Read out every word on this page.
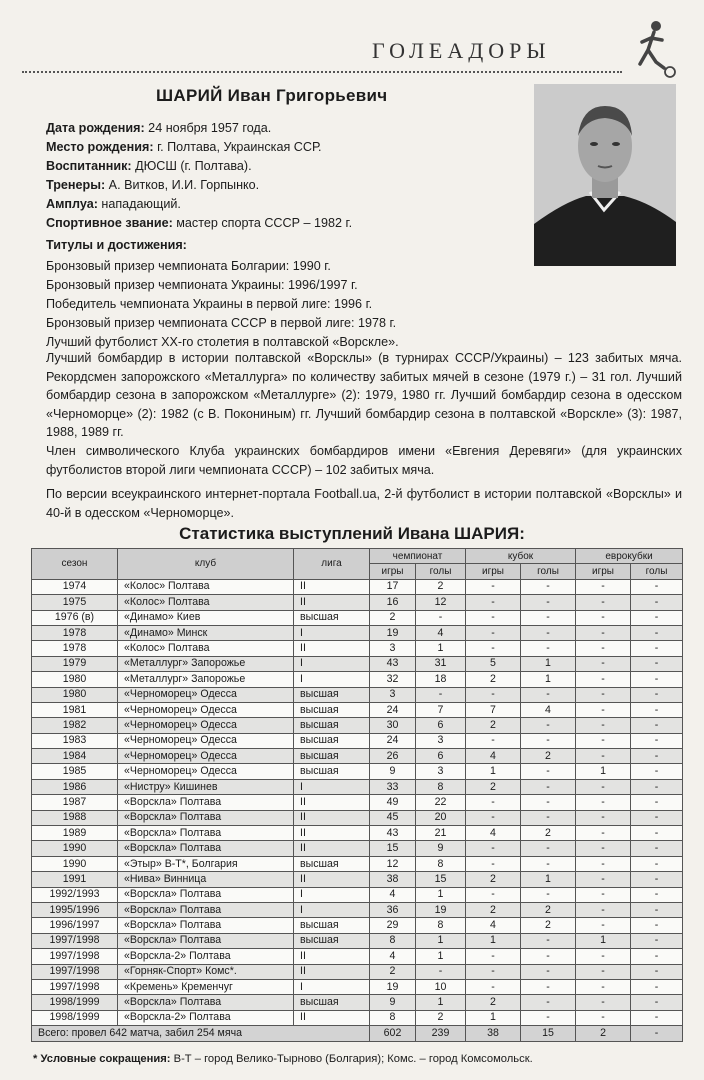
ГОЛЕАДОРЫ
ШАРИЙ Иван Григорьевич
Дата рождения: 24 ноября 1957 года.
Место рождения: г. Полтава, Украинская ССР.
Воспитанник: ДЮСШ (г. Полтава).
Тренеры: А. Витков, И.И. Горпынко.
Амплуа: нападающий.
Спортивное звание: мастер спорта СССР – 1982 г.
Титулы и достижения:
Бронзовый призер чемпионата Болгарии: 1990 г.
Бронзовый призер чемпионата Украины: 1996/1997 г.
Победитель чемпионата Украины в первой лиге: 1996 г.
Бронзовый призер чемпионата СССР в первой лиге: 1978 г.
Лучший футболист ХХ-го столетия в полтавской «Ворскле».
Лучший бомбардир в истории полтавской «Ворсклы» (в турнирах СССР/Украины) – 123 забитых мяча. Рекордсмен запорожского «Металлурга» по количеству забитых мячей в сезоне (1979 г.) – 31 гол. Лучший бомбардир сезона в запорожском «Металлурге» (2): 1979, 1980 гг. Лучший бомбардир сезона в одесском «Черноморце» (2): 1982 (с В. Покониным) гг. Лучший бомбардир сезона в полтавской «Ворскле» (3): 1987, 1988, 1989 гг.
Член символического Клуба украинских бомбардиров имени «Евгения Деревяги» (для украинских футболистов второй лиги чемпионата СССР) – 102 забитых мяча.
По версии всеукраинского интернет-портала Football.ua, 2-й футболист в истории полтавской «Ворсклы» и 40-й в одесском «Черноморце».
Статистика выступлений Ивана ШАРИЯ:
сезон	клуб	лига	чемпионат		кубок		еврокубки	
			игры	голы	игры	голы	игры	голы
1974	«Колос» Полтава	II	17	2	-	-	-	-
1975	«Колос» Полтава	II	16	12	-	-	-	-
1976 (в)	«Динамо» Киев	высшая	2	-	-	-	-	-
1978	«Динамо» Минск	I	19	4	-	-	-	-
1978	«Колос» Полтава	II	3	1	-	-	-	-
1979	«Металлург» Запорожье	I	43	31	5	1	-	-
1980	«Металлург» Запорожье	I	32	18	2	1	-	-
1980	«Черноморец» Одесса	высшая	3	-	-	-	-	-
1981	«Черноморец» Одесса	высшая	24	7	7	4	-	-
1982	«Черноморец» Одесса	высшая	30	6	2	-	-	-
1983	«Черноморец» Одесса	высшая	24	3	-	-	-	-
1984	«Черноморец» Одесса	высшая	26	6	4	2	-	-
1985	«Черноморец» Одесса	высшая	9	3	1	-	1	-
1986	«Нистру» Кишинев	I	33	8	2	-	-	-
1987	«Ворскла» Полтава	II	49	22	-	-	-	-
1988	«Ворскла» Полтава	II	45	20	-	-	-	-
1989	«Ворскла» Полтава	II	43	21	4	2	-	-
1990	«Ворскла» Полтава	II	15	9	-	-	-	-
1990	«Этыр» В-Т*, Болгария	высшая	12	8	-	-	-	-
1991	«Нива» Винница	II	38	15	2	1	-	-
1992/1993	«Ворскла» Полтава	I	4	1	-	-	-	-
1995/1996	«Ворскла» Полтава	I	36	19	2	2	-	-
1996/1997	«Ворскла» Полтава	высшая	29	8	4	2	-	-
1997/1998	«Ворскла» Полтава	высшая	8	1	1	-	1	-
1997/1998	«Ворскла-2» Полтава	II	4	1	-	-	-	-
1997/1998	«Горняк-Спорт» Комс*.	II	2	-	-	-	-	-
1997/1998	«Кремень» Кременчуг	I	19	10	-	-	-	-
1998/1999	«Ворскла» Полтава	высшая	9	1	2	-	-	-
1998/1999	«Ворскла-2» Полтава	II	8	2	1	-	-	-
Всего: провел 642 матча, забил 254 мяча			602	239	38	15	2	-
* Условные сокращения: В-Т – город Велико-Тырново (Болгария); Комс. – город Комсомольск.
